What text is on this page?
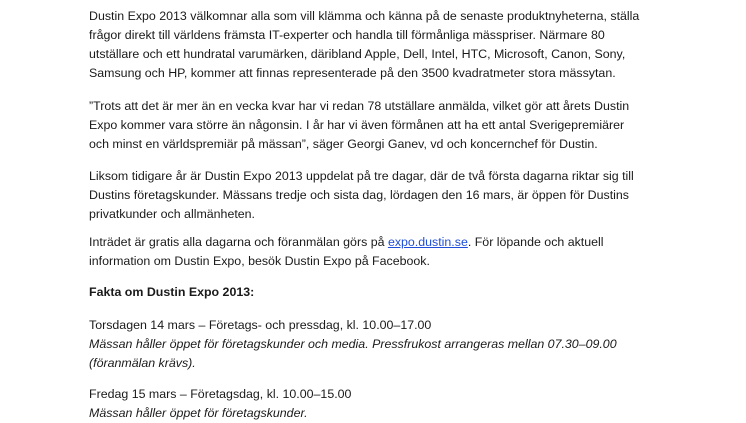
Dustin Expo 2013 välkomnar alla som vill klämma och känna på de senaste produktnyheterna, ställa
frågor direkt till världens främsta IT-experter och handla till förmånliga mässpriser. Närmare 80
utställare och ett hundratal varumärken, däribland Apple, Dell, Intel, HTC, Microsoft, Canon, Sony,
Samsung och HP, kommer att finnas representerade på den 3500 kvadratmeter stora mässytan.

”Trots att det är mer än en vecka kvar har vi redan 78 utställare anmälda, vilket gör att årets Dustin
Expo kommer vara större än någonsin. I år har vi även förmånen att ha ett antal Sverigepremiärer
och minst en världspremiär på mässan”, säger Georgi Ganev, vd och koncernchef för Dustin.

Liksom tidigare år är Dustin Expo 2013 uppdelat på tre dagar, där de två första dagarna riktar sig till
Dustins företagskunder. Mässans tredje och sista dag, lördagen den 16 mars, är öppen för Dustins
privatkunder och allmänheten.

Inträdet är gratis alla dagarna och föranmälan görs på expo.dustin.se. För löpande och aktuell
information om Dustin Expo, besök Dustin Expo på Facebook.

Fakta om Dustin Expo 2013:

Torsdagen 14 mars – Företags- och pressdag, kl. 10.00–17.00
Mässan håller öppet för företagskunder och media. Pressfrukost arrangeras mellan 07.30–09.00
(föranmälan krävs).

Fredag 15 mars – Företagsdag, kl. 10.00–15.00
Mässan håller öppet för företagskunder.
